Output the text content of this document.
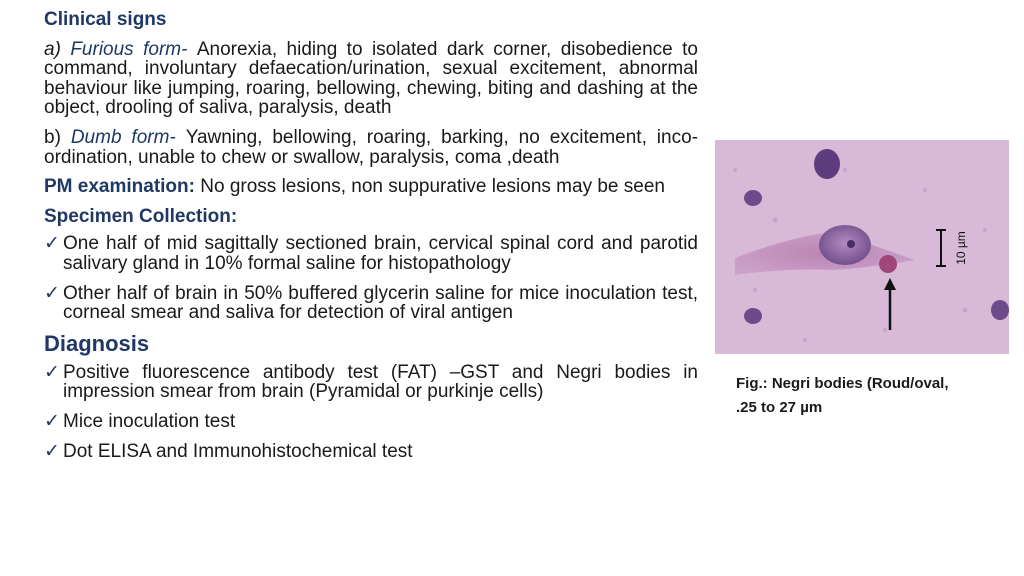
Clinical signs
a) Furious form- Anorexia, hiding to isolated dark corner, disobedience to command, involuntary defaecation/urination, sexual excitement, abnormal behaviour like jumping, roaring, bellowing, chewing, biting and dashing at the object, drooling of saliva, paralysis, death
b) Dumb form- Yawning, bellowing, roaring, barking, no excitement, inco-ordination, unable to chew or swallow, paralysis, coma ,death
PM examination: No gross lesions, non suppurative lesions may be seen
Specimen Collection:
✓ One half of mid sagittally sectioned brain, cervical spinal cord and parotid salivary gland in 10% formal saline for histopathology
✓ Other half of brain in 50% buffered glycerin saline for mice inoculation test, corneal smear and saliva for detection of viral antigen
Diagnosis
✓ Positive fluorescence antibody test (FAT) –GST and Negri bodies in impression smear from brain (Pyramidal or purkinje cells)
✓ Mice inoculation test
✓ Dot ELISA and Immunohistochemical test
10 µm
Fig.: Negri bodies (Roud/oval,
.25 to 27 µm
